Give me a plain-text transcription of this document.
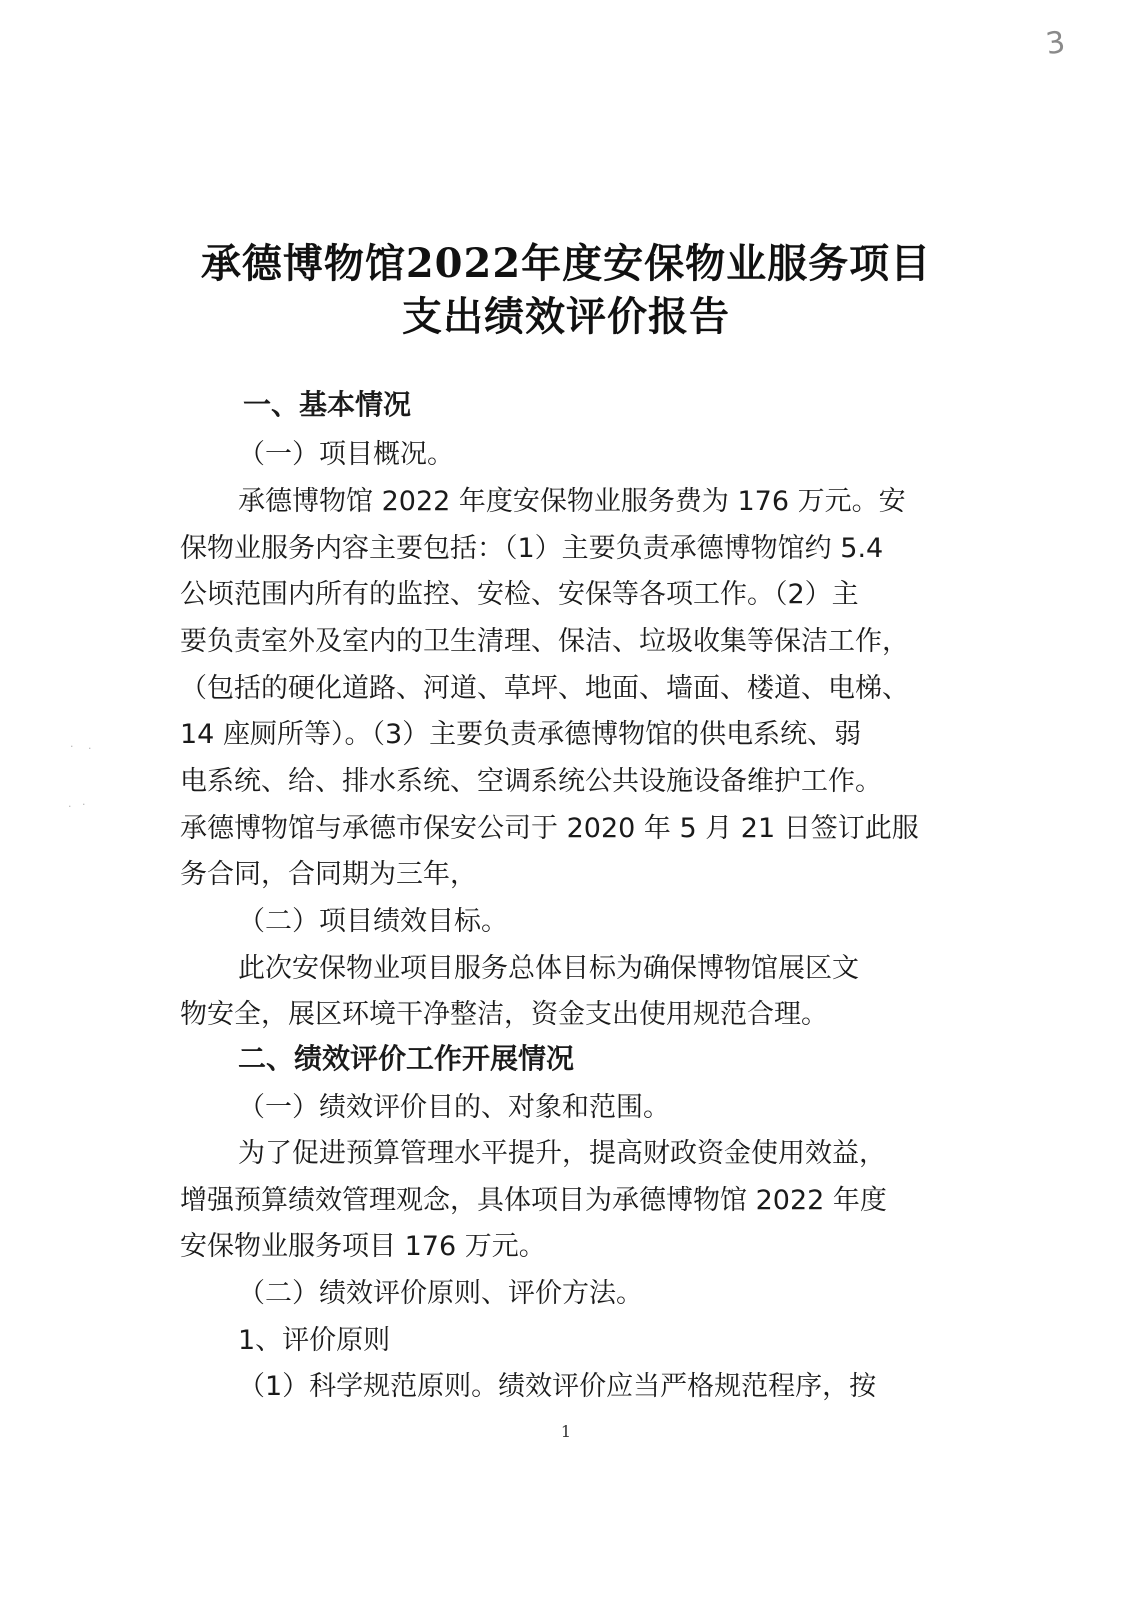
3
· ·
· ·
承德博物馆2022年度安保物业服务项目
支出绩效评价报告
一、基本情况
（一）项目概况。
承德博物馆 2022 年度安保物业服务费为 176 万元。安
保物业服务内容主要包括：（1）主要负责承德博物馆约 5.4
公顷范围内所有的监控、安检、安保等各项工作。（2）主
要负责室外及室内的卫生清理、保洁、垃圾收集等保洁工作，
（包括的硬化道路、河道、草坪、地面、墙面、楼道、电梯、
14 座厕所等）。（3）主要负责承德博物馆的供电系统、弱
电系统、给、排水系统、空调系统公共设施设备维护工作。
承德博物馆与承德市保安公司于 2020 年 5 月 21 日签订此服
务合同，合同期为三年，
（二）项目绩效目标。
此次安保物业项目服务总体目标为确保博物馆展区文
物安全，展区环境干净整洁，资金支出使用规范合理。
二、绩效评价工作开展情况
（一）绩效评价目的、对象和范围。
为了促进预算管理水平提升，提高财政资金使用效益，
增强预算绩效管理观念，具体项目为承德博物馆 2022 年度
安保物业服务项目 176 万元。
（二）绩效评价原则、评价方法。
1、评价原则
（1）科学规范原则。绩效评价应当严格规范程序，按
1
